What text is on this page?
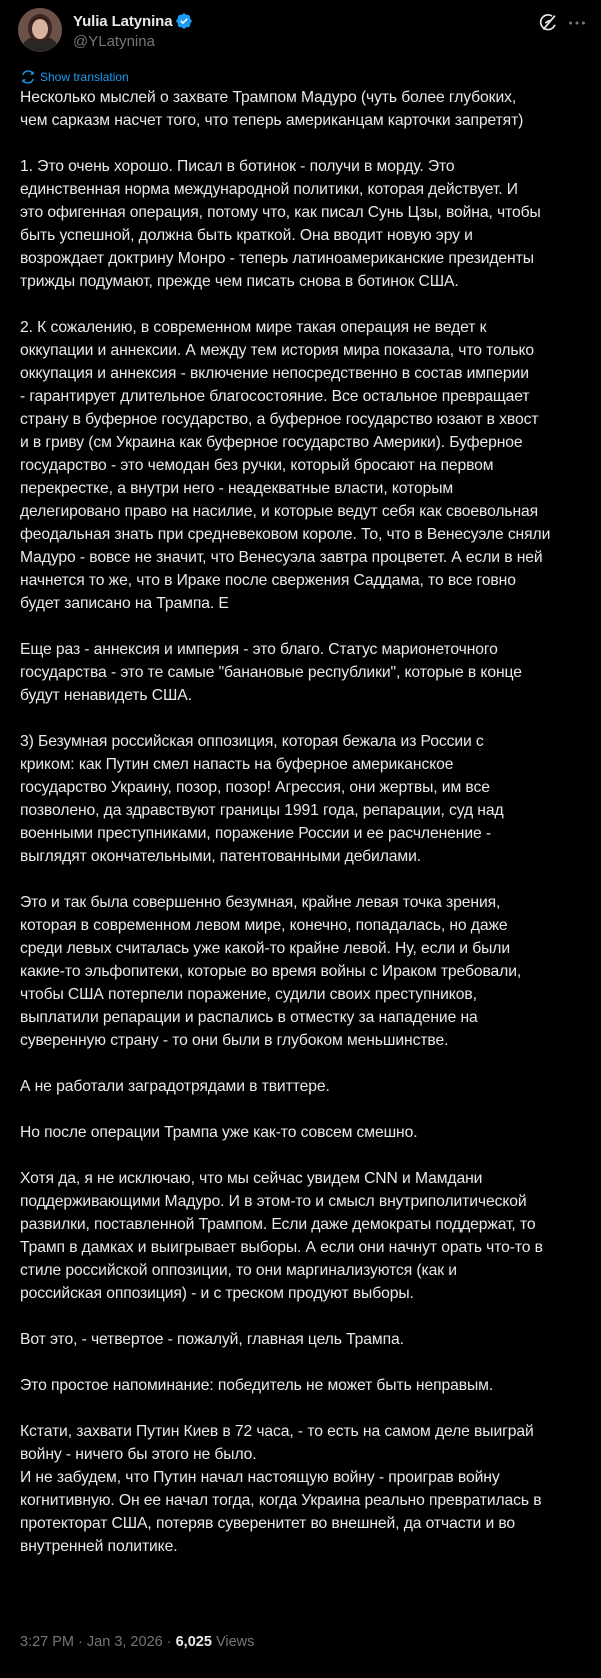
Yulia Latynina
@YLatynina
Show translation
Несколько мыслей о захвате Трампом Мадуро (чуть более глубоких,
чем сарказм насчет того, что теперь американцам карточки запретят)
1. Это очень хорошо. Писал в ботинок - получи в морду. Это
единственная норма международной политики, которая действует. И
это офигенная операция, потому что, как писал Сунь Цзы, война, чтобы
быть успешной, должна быть краткой. Она вводит новую эру и
возрождает доктрину Монро - теперь латиноамериканские президенты
трижды подумают, прежде чем писать снова в ботинок США.
2. К сожалению, в современном мире такая операция не ведет к
оккупации и аннексии. А между тем история мира показала, что только
оккупация и аннексия - включение непосредственно в состав империи
- гарантирует длительное благосостояние. Все остальное превращает
страну в буферное государство, а буферное государство юзают в хвост
и в гриву (см Украина как буферное государство Америки). Буферное
государство - это чемодан без ручки, который бросают на первом
перекрестке, а внутри него - неадекватные власти, которым
делегировано право на насилие, и которые ведут себя как своевольная
феодальная знать при средневековом короле. То, что в Венесуэле сняли
Мадуро - вовсе не значит, что Венесуэла завтра процветет. А если в ней
начнется то же, что в Ираке после свержения Саддама, то все говно
будет записано на Трампа. Е
Еще раз - аннексия и империя - это благо. Статус марионеточного
государства - это те самые "банановые республики", которые в конце
будут ненавидеть США.
3) Безумная российская оппозиция, которая бежала из России с
криком: как Путин смел напасть на буферное американское
государство Украину, позор, позор! Агрессия, они жертвы, им все
позволено, да здравствуют границы 1991 года, репарации, суд над
военными преступниками, поражение России и ее расчленение -
выглядят окончательными, патентованными дебилами.
Это и так была совершенно безумная, крайне левая точка зрения,
которая в современном левом мире, конечно, попадалась, но даже
среди левых считалась уже какой-то крайне левой. Ну, если и были
какие-то эльфопитеки, которые во время войны с Ираком требовали,
чтобы США потерпели поражение, судили своих преступников,
выплатили репарации и распались в отместку за нападение на
суверенную страну - то они были в глубоком меньшинстве.
А не работали заградотрядами в твиттере.
Но после операции Трампа уже как-то совсем смешно.
Хотя да, я не исключаю, что мы сейчас увидем CNN и Мамдани
поддерживающими Мадуро. И в этом-то и смысл внутриполитической
развилки, поставленной Трампом. Если даже демократы поддержат, то
Трамп в дамках и выигрывает выборы. А если они начнут орать что-то в
стиле российской оппозиции, то они маргинализуются (как и
российская оппозиция) - и с треском продуют выборы.
Вот это, - четвертое - пожалуй, главная цель Трампа.
Это простое напоминание: победитель не может быть неправым.
Кстати, захвати Путин Киев в 72 часа, - то есть на самом деле выиграй
войну - ничего бы этого не было.
И не забудем, что Путин начал настоящую войну - проиграв войну
когнитивную. Он ее начал тогда, когда Украина реально превратилась в
протекторат США, потеряв суверенитет во внешней, да отчасти и во
внутренней политике.
3:27 PM · Jan 3, 2026 · 6,025 Views
